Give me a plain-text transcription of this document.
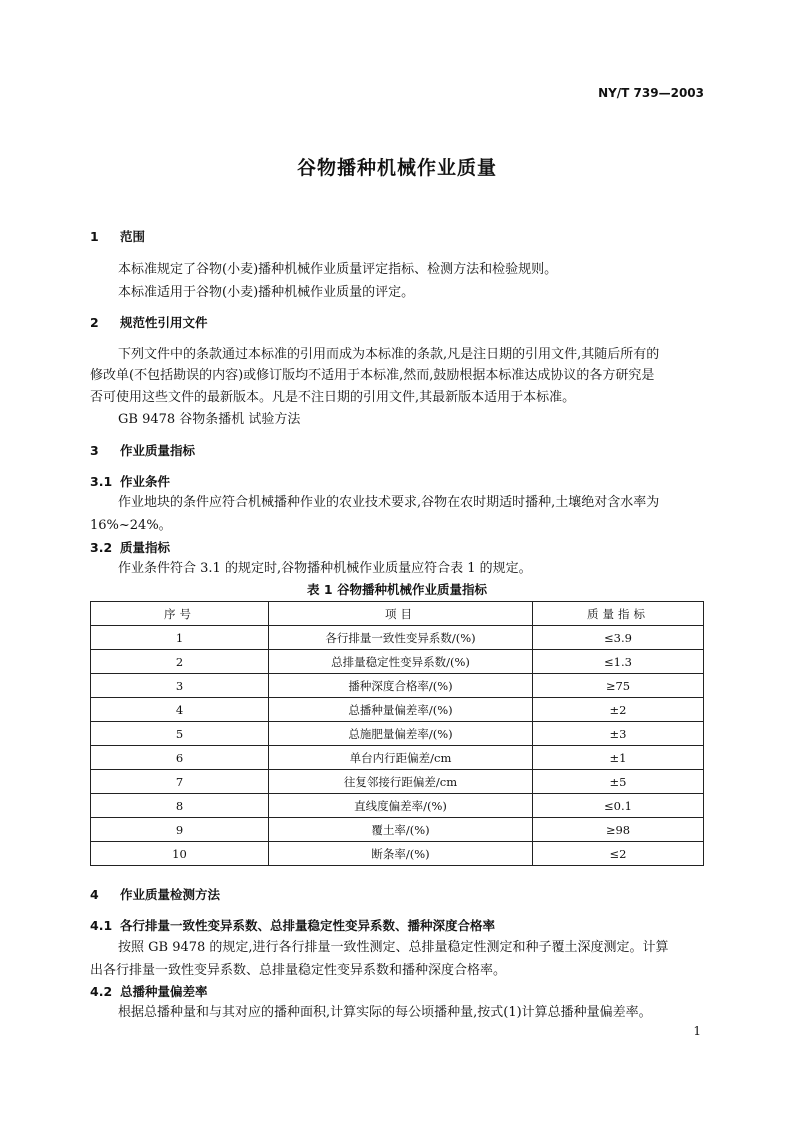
NY/T 739—2003
谷物播种机械作业质量
1 范围
本标准规定了谷物(小麦)播种机械作业质量评定指标、检测方法和检验规则。
本标准适用于谷物(小麦)播种机械作业质量的评定。
2 规范性引用文件
下列文件中的条款通过本标准的引用而成为本标准的条款,凡是注日期的引用文件,其随后所有的
修改单(不包括勘误的内容)或修订版均不适用于本标准,然而,鼓励根据本标准达成协议的各方研究是
否可使用这些文件的最新版本。凡是不注日期的引用文件,其最新版本适用于本标准。
GB 9478 谷物条播机 试验方法
3 作业质量指标
3.1 作业条件
作业地块的条件应符合机械播种作业的农业技术要求,谷物在农时期适时播种,土壤绝对含水率为
16%~24%。
3.2 质量指标
作业条件符合 3.1 的规定时,谷物播种机械作业质量应符合表 1 的规定。
表 1 谷物播种机械作业质量指标
序号	项目	质量指标
1	各行排量一致性变异系数/(%)	≤3.9
2	总排量稳定性变异系数/(%)	≤1.3
3	播种深度合格率/(%)	≥75
4	总播种量偏差率/(%)	±2
5	总施肥量偏差率/(%)	±3
6	单台内行距偏差/cm	±1
7	往复邻接行距偏差/cm	±5
8	直线度偏差率/(%)	≤0.1
9	覆土率/(%)	≥98
10	断条率/(%)	≤2
4 作业质量检测方法
4.1 各行排量一致性变异系数、总排量稳定性变异系数、播种深度合格率
按照 GB 9478 的规定,进行各行排量一致性测定、总排量稳定性测定和种子覆土深度测定。计算
出各行排量一致性变异系数、总排量稳定性变异系数和播种深度合格率。
4.2 总播种量偏差率
根据总播种量和与其对应的播种面积,计算实际的每公顷播种量,按式(1)计算总播种量偏差率。
1
